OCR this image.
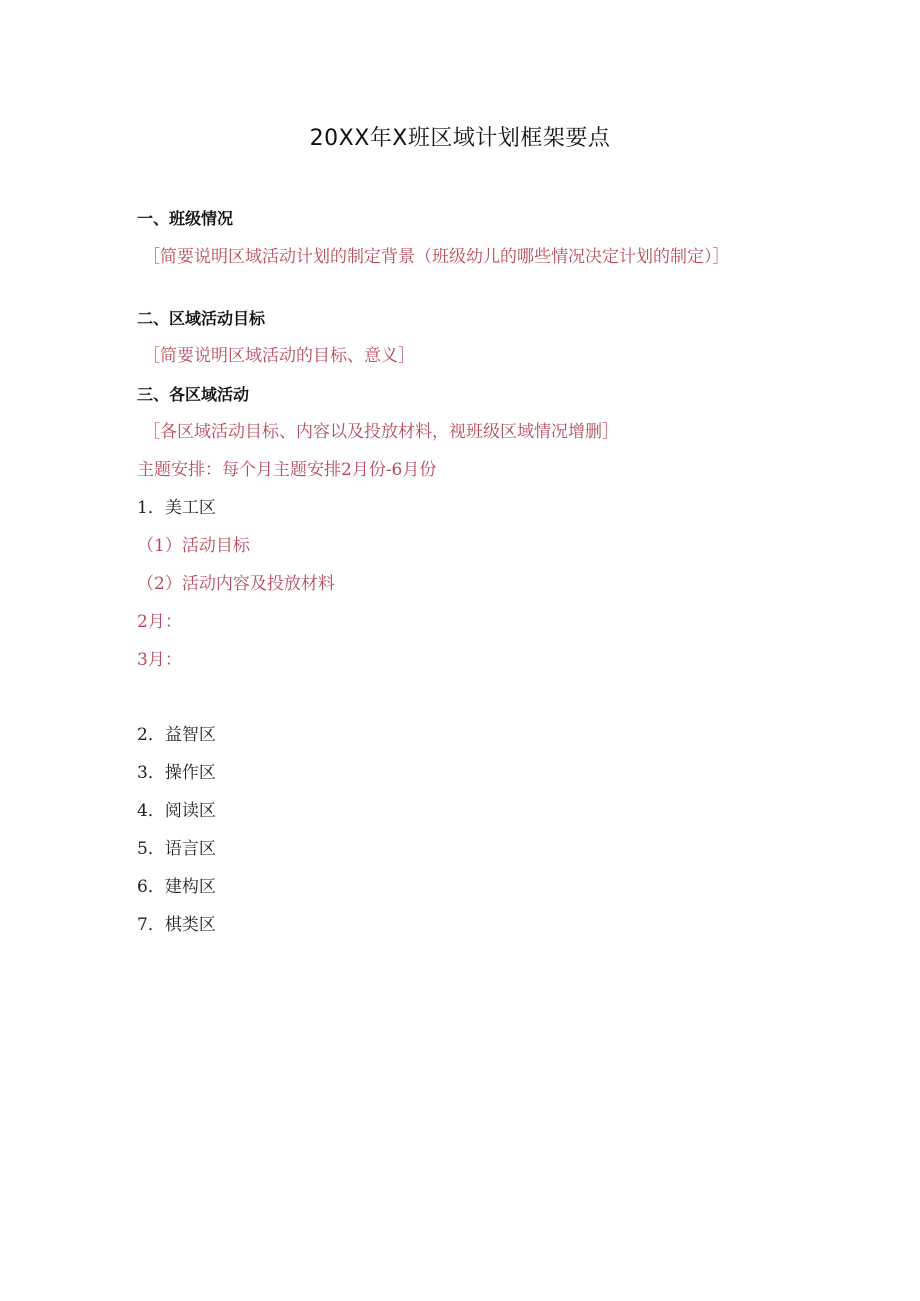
20XX年X班区域计划框架要点

一、班级情况

［简要说明区域活动计划的制定背景（班级幼儿的哪些情况决定计划的制定）］

二、区域活动目标

［简要说明区域活动的目标、意义］

三、各区域活动

［各区域活动目标、内容以及投放材料，视班级区域情况增删］

主题安排：每个月主题安排2月份-6月份

1．美工区

（1）活动目标

（2）活动内容及投放材料

2月：

3月：

2．益智区

3．操作区

4．阅读区

5．语言区

6．建构区

7．棋类区
